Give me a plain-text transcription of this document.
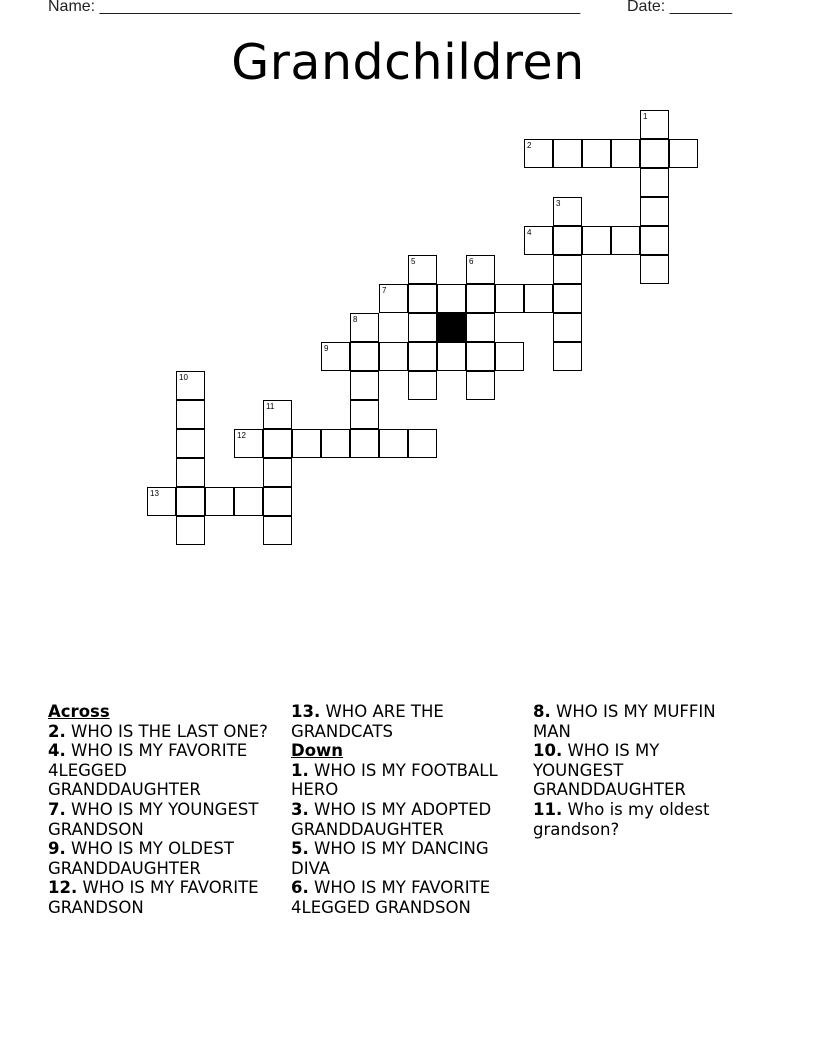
Name: ______________________________________________________	Date: _______
Grandchildren
1
2
3
4
5	6
7
8
9
10
11
12
13

Across

2. WHO IS THE LAST ONE?

4. WHO IS MY FAVORITE 4LEGGED GRANDDAUGHTER

7. WHO IS MY YOUNGEST GRANDSON

9. WHO IS MY OLDEST GRANDDAUGHTER

12. WHO IS MY FAVORITE GRANDSON

13. WHO ARE THE GRANDCATS

Down

1. WHO IS MY FOOTBALL HERO

3. WHO IS MY ADOPTED GRANDDAUGHTER

5. WHO IS MY DANCING DIVA

6. WHO IS MY FAVORITE 4LEGGED GRANDSON

8. WHO IS MY MUFFIN MAN

10. WHO IS MY YOUNGEST GRANDDAUGHTER

11. Who is my oldest grandson?
